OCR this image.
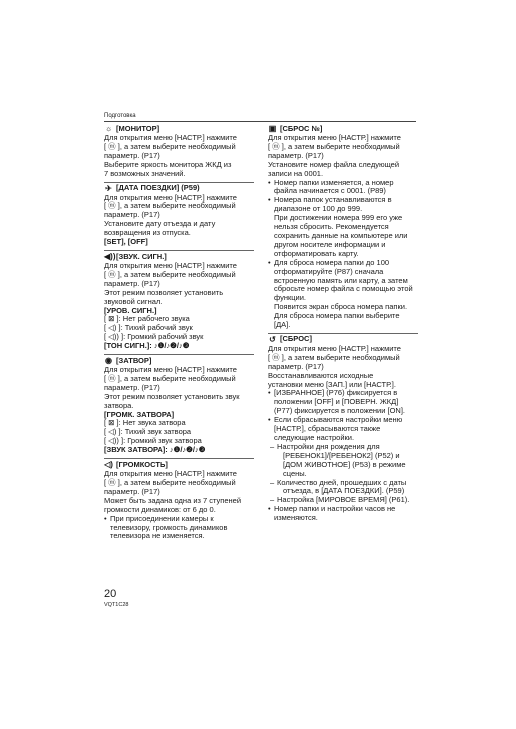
Подготовка
☼ [МОНИТОР]
Для открытия меню [НАСТР.] нажмите
[ ⓜ ], а затем выберите необходимый
параметр. (P17)
Выберите яркость монитора ЖКД из
7 возможных значений.
✈ [ДАТА ПОЕЗДКИ] (P59)
Для открытия меню [НАСТР.] нажмите
[ ⓜ ], а затем выберите необходимый
параметр. (P17)
Установите дату отъезда и дату
возвращения из отпуска.
[SET], [OFF]
◀)) [ЗВУК. СИГН.]
Для открытия меню [НАСТР.] нажмите
[ ⓜ ], а затем выберите необходимый
параметр. (P17)
Этот режим позволяет установить
звуковой сигнал.
[УРОВ. СИГН.]
[ ⊠ ]: Нет рабочего звука
[ ◁) ]: Тихий рабочий звук
[ ◁)) ]: Громкий рабочий звук
[ТОН СИГН.]: ♪❶/♪❷/♪❸
◉ [ЗАТВОР]
Для открытия меню [НАСТР.] нажмите
[ ⓜ ], а затем выберите необходимый
параметр. (P17)
Этот режим позволяет установить звук
затвора.
[ГРОМК. ЗАТВОРА]
[ ⊠ ]: Нет звука затвора
[ ◁) ]: Тихий звук затвора
[ ◁)) ]: Громкий звук затвора
[ЗВУК ЗАТВОРА]: ♪❶/♪❷/♪❸
◁) [ГРОМКОСТЬ]
Для открытия меню [НАСТР.] нажмите
[ ⓜ ], а затем выберите необходимый
параметр. (P17)
Может быть задана одна из 7 ступеней
громкости динамиков: от 6 до 0.
• При присоединении камеры к
телевизору, громкость динамиков
телевизора не изменяется.
▣ [СБРОС №]
Для открытия меню [НАСТР.] нажмите
[ ⓜ ], а затем выберите необходимый
параметр. (P17)
Установите номер файла следующей
записи на 0001.
• Номер папки изменяется, а номер
файла начинается с 0001. (P89)
• Номера папок устанавливаются в
диапазоне от 100 до 999.
При достижении номера 999 его уже
нельзя сбросить. Рекомендуется
сохранить данные на компьютере или
другом носителе информации и
отформатировать карту.
• Для сброса номера папки до 100
отформатируйте (P87) сначала
встроенную память или карту, а затем
сбросьте номер файла с помощью этой
функции.
Появится экран сброса номера папки.
Для сброса номера папки выберите
[ДА].
↺ [СБРОС]
Для открытия меню [НАСТР.] нажмите
[ ⓜ ], а затем выберите необходимый
параметр. (P17)
Восстанавливаются исходные
установки меню [ЗАП.] или [НАСТР.].
• [ИЗБРАННОЕ] (P76) фиксируется в
положении [OFF] и [ПОВЕРН. ЖКД]
(P77) фиксируется в положении [ON].
• Если сбрасываются настройки меню
[НАСТР.], сбрасываются также
следующие настройки.
– Настройки дня рождения для
[РЕБЕНОК1]/[РЕБЕНОК2] (P52) и
[ДОМ ЖИВОТНОЕ] (P53) в режиме
сцены.
– Количество дней, прошедших с даты
отъезда, в [ДАТА ПОЕЗДКИ]. (P59)
– Настройка [МИРОВОЕ ВРЕМЯ] (P61).
• Номер папки и настройки часов не
изменяются.
20
VQT1C28
